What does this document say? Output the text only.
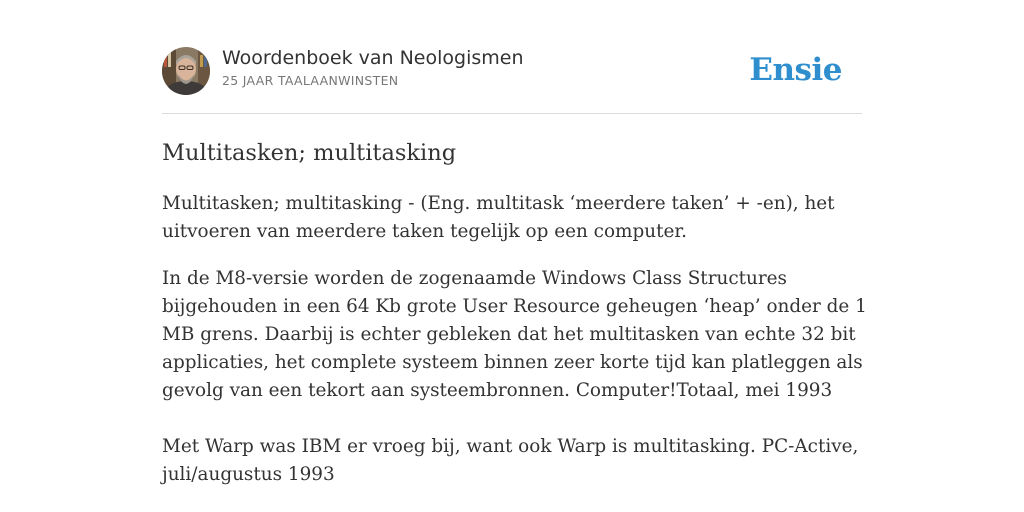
Woordenboek van Neologismen
25 JAAR TAALAANWINSTEN	Ensie
Multitasken; multitasking

Multitasken; multitasking - (Eng. multitask ‘meerdere taken’ + -en), het uitvoeren van meerdere taken tegelijk op een computer.

In de M8-versie worden de zogenaamde Windows Class Structures bijgehouden in een 64 Kb grote User Resource geheugen ‘heap’ onder de 1 MB grens. Daarbij is echter gebleken dat het multitasken van echte 32 bit applicaties, het complete systeem binnen zeer korte tijd kan platleggen als gevolg van een tekort aan systeembronnen. Computer!Totaal, mei 1993

Met Warp was IBM er vroeg bij, want ook Warp is multitasking. PC-Active, juli/augustus 1993
